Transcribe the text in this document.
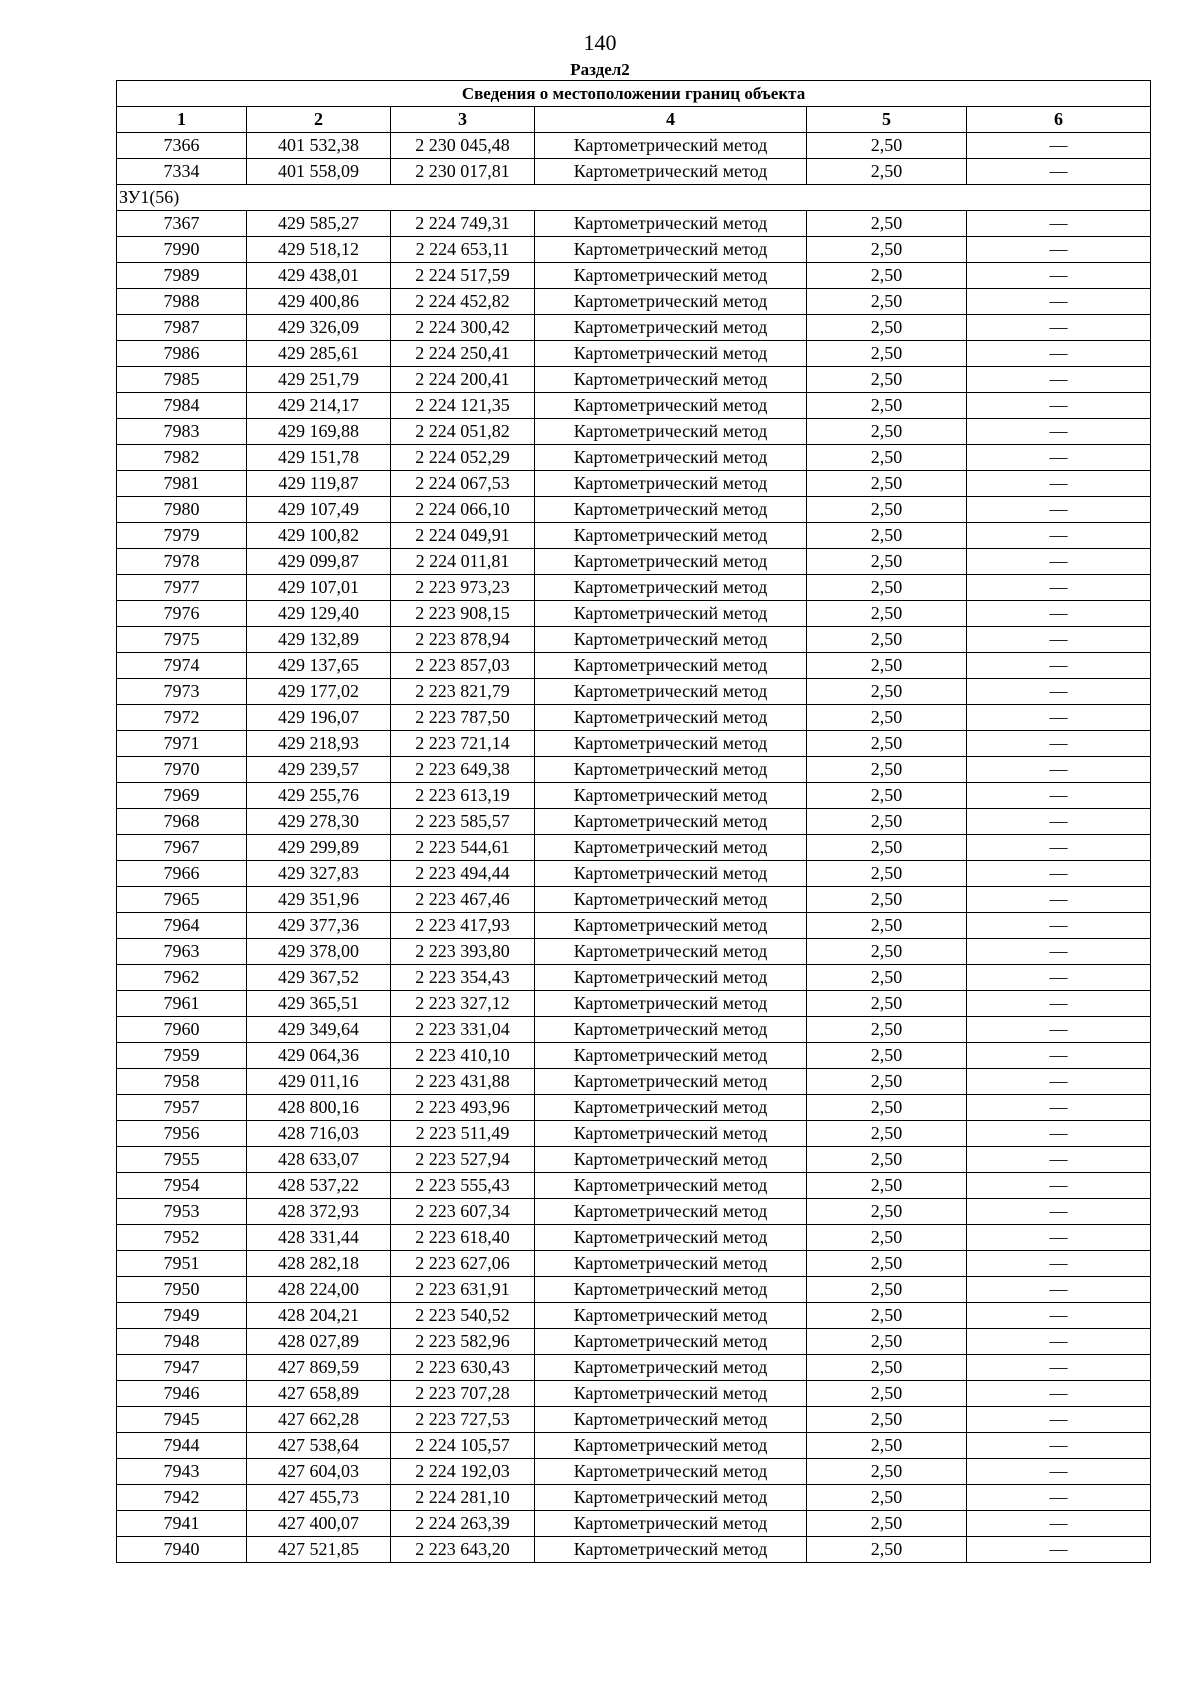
140
Раздел2
Сведения о местоположении границ объекта					
1	2	3	4	5	6
7366	401 532,38	2 230 045,48	Картометрический метод	2,50	—
7334	401 558,09	2 230 017,81	Картометрический метод	2,50	—
ЗУ1(56)					
7367	429 585,27	2 224 749,31	Картометрический метод	2,50	—
7990	429 518,12	2 224 653,11	Картометрический метод	2,50	—
7989	429 438,01	2 224 517,59	Картометрический метод	2,50	—
7988	429 400,86	2 224 452,82	Картометрический метод	2,50	—
7987	429 326,09	2 224 300,42	Картометрический метод	2,50	—
7986	429 285,61	2 224 250,41	Картометрический метод	2,50	—
7985	429 251,79	2 224 200,41	Картометрический метод	2,50	—
7984	429 214,17	2 224 121,35	Картометрический метод	2,50	—
7983	429 169,88	2 224 051,82	Картометрический метод	2,50	—
7982	429 151,78	2 224 052,29	Картометрический метод	2,50	—
7981	429 119,87	2 224 067,53	Картометрический метод	2,50	—
7980	429 107,49	2 224 066,10	Картометрический метод	2,50	—
7979	429 100,82	2 224 049,91	Картометрический метод	2,50	—
7978	429 099,87	2 224 011,81	Картометрический метод	2,50	—
7977	429 107,01	2 223 973,23	Картометрический метод	2,50	—
7976	429 129,40	2 223 908,15	Картометрический метод	2,50	—
7975	429 132,89	2 223 878,94	Картометрический метод	2,50	—
7974	429 137,65	2 223 857,03	Картометрический метод	2,50	—
7973	429 177,02	2 223 821,79	Картометрический метод	2,50	—
7972	429 196,07	2 223 787,50	Картометрический метод	2,50	—
7971	429 218,93	2 223 721,14	Картометрический метод	2,50	—
7970	429 239,57	2 223 649,38	Картометрический метод	2,50	—
7969	429 255,76	2 223 613,19	Картометрический метод	2,50	—
7968	429 278,30	2 223 585,57	Картометрический метод	2,50	—
7967	429 299,89	2 223 544,61	Картометрический метод	2,50	—
7966	429 327,83	2 223 494,44	Картометрический метод	2,50	—
7965	429 351,96	2 223 467,46	Картометрический метод	2,50	—
7964	429 377,36	2 223 417,93	Картометрический метод	2,50	—
7963	429 378,00	2 223 393,80	Картометрический метод	2,50	—
7962	429 367,52	2 223 354,43	Картометрический метод	2,50	—
7961	429 365,51	2 223 327,12	Картометрический метод	2,50	—
7960	429 349,64	2 223 331,04	Картометрический метод	2,50	—
7959	429 064,36	2 223 410,10	Картометрический метод	2,50	—
7958	429 011,16	2 223 431,88	Картометрический метод	2,50	—
7957	428 800,16	2 223 493,96	Картометрический метод	2,50	—
7956	428 716,03	2 223 511,49	Картометрический метод	2,50	—
7955	428 633,07	2 223 527,94	Картометрический метод	2,50	—
7954	428 537,22	2 223 555,43	Картометрический метод	2,50	—
7953	428 372,93	2 223 607,34	Картометрический метод	2,50	—
7952	428 331,44	2 223 618,40	Картометрический метод	2,50	—
7951	428 282,18	2 223 627,06	Картометрический метод	2,50	—
7950	428 224,00	2 223 631,91	Картометрический метод	2,50	—
7949	428 204,21	2 223 540,52	Картометрический метод	2,50	—
7948	428 027,89	2 223 582,96	Картометрический метод	2,50	—
7947	427 869,59	2 223 630,43	Картометрический метод	2,50	—
7946	427 658,89	2 223 707,28	Картометрический метод	2,50	—
7945	427 662,28	2 223 727,53	Картометрический метод	2,50	—
7944	427 538,64	2 224 105,57	Картометрический метод	2,50	—
7943	427 604,03	2 224 192,03	Картометрический метод	2,50	—
7942	427 455,73	2 224 281,10	Картометрический метод	2,50	—
7941	427 400,07	2 224 263,39	Картометрический метод	2,50	—
7940	427 521,85	2 223 643,20	Картометрический метод	2,50	—
